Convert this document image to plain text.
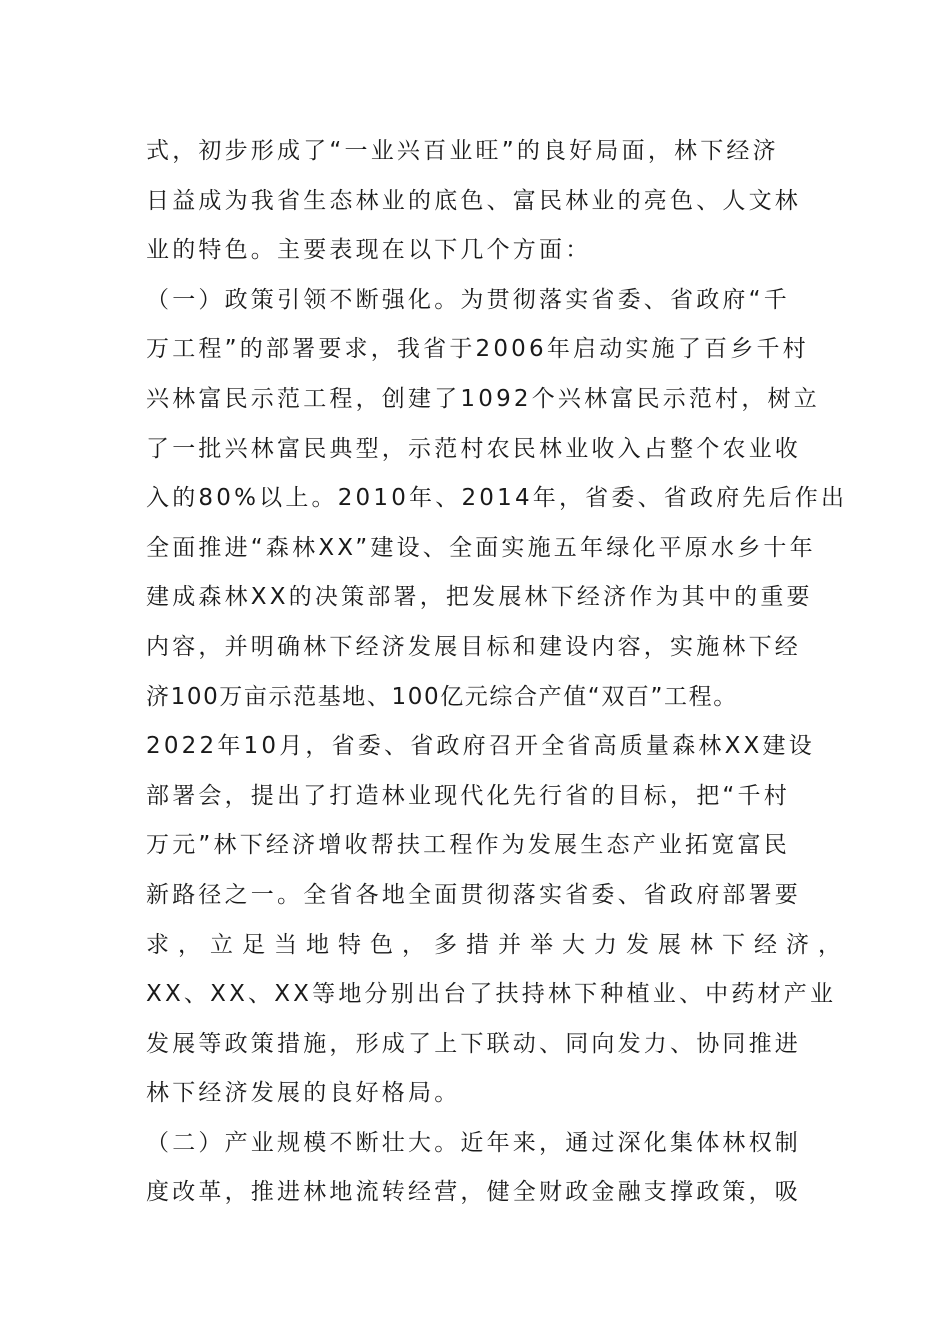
式，初步形成了“一业兴百业旺”的良好局面，林下经济
日益成为我省生态林业的底色、富民林业的亮色、人文林
业的特色。主要表现在以下几个方面：
（一）政策引领不断强化。为贯彻落实省委、省政府“千
万工程”的部署要求，我省于2006年启动实施了百乡千村
兴林富民示范工程，创建了1092个兴林富民示范村，树立
了一批兴林富民典型，示范村农民林业收入占整个农业收
入的80%以上。2010年、2014年，省委、省政府先后作出
全面推进“森林XX”建设、全面实施五年绿化平原水乡十年
建成森林XX的决策部署，把发展林下经济作为其中的重要
内容，并明确林下经济发展目标和建设内容，实施林下经
济100万亩示范基地、100亿元综合产值“双百”工程。
2022年10月，省委、省政府召开全省高质量森林XX建设
部署会，提出了打造林业现代化先行省的目标，把“千村
万元”林下经济增收帮扶工程作为发展生态产业拓宽富民
新路径之一。全省各地全面贯彻落实省委、省政府部署要
求，立足当地特色，多措并举大力发展林下经济，
XX、XX、XX等地分别出台了扶持林下种植业、中药材产业
发展等政策措施，形成了上下联动、同向发力、协同推进
林下经济发展的良好格局。
（二）产业规模不断壮大。近年来，通过深化集体林权制
度改革，推进林地流转经营，健全财政金融支撑政策，吸
